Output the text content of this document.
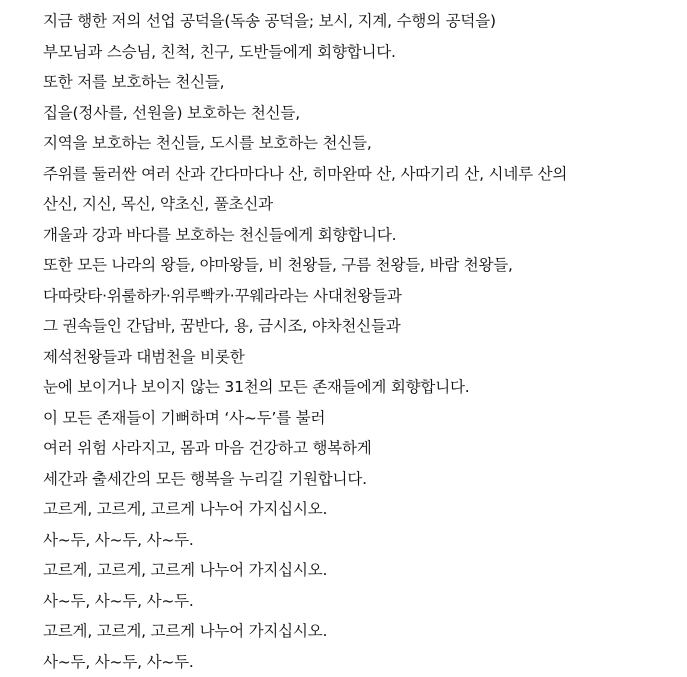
지금 행한 저의 선업 공덕을(독송 공덕을; 보시, 지계, 수행의 공덕을)
부모님과 스승님, 친척, 친구, 도반들에게 회향합니다.
또한 저를 보호하는 천신들,
집을(정사를, 선원을) 보호하는 천신들,
지역을 보호하는 천신들, 도시를 보호하는 천신들,
주위를 둘러싼 여러 산과 간다마다나 산, 히마완따 산, 사따기리 산, 시네루 산의
산신, 지신, 목신, 약초신, 풀초신과
개울과 강과 바다를 보호하는 천신들에게 회향합니다.
또한 모든 나라의 왕들, 야마왕들, 비 천왕들, 구름 천왕들, 바람 천왕들,
다따랏타·위룰하카·위루빡카·꾸웨라라는 사대천왕들과
그 권속들인 간답바, 꿈반다, 용, 금시조, 야차천신들과
제석천왕들과 대범천을 비롯한
눈에 보이거나 보이지 않는 31천의 모든 존재들에게 회향합니다.
이 모든 존재들이 기뻐하며 ‘사~두’를 불러
여러 위험 사라지고, 몸과 마음 건강하고 행복하게
세간과 출세간의 모든 행복을 누리길 기원합니다.
고르게, 고르게, 고르게 나누어 가지십시오.
사~두, 사~두, 사~두.
고르게, 고르게, 고르게 나누어 가지십시오.
사~두, 사~두, 사~두.
고르게, 고르게, 고르게 나누어 가지십시오.
사~두, 사~두, 사~두.
